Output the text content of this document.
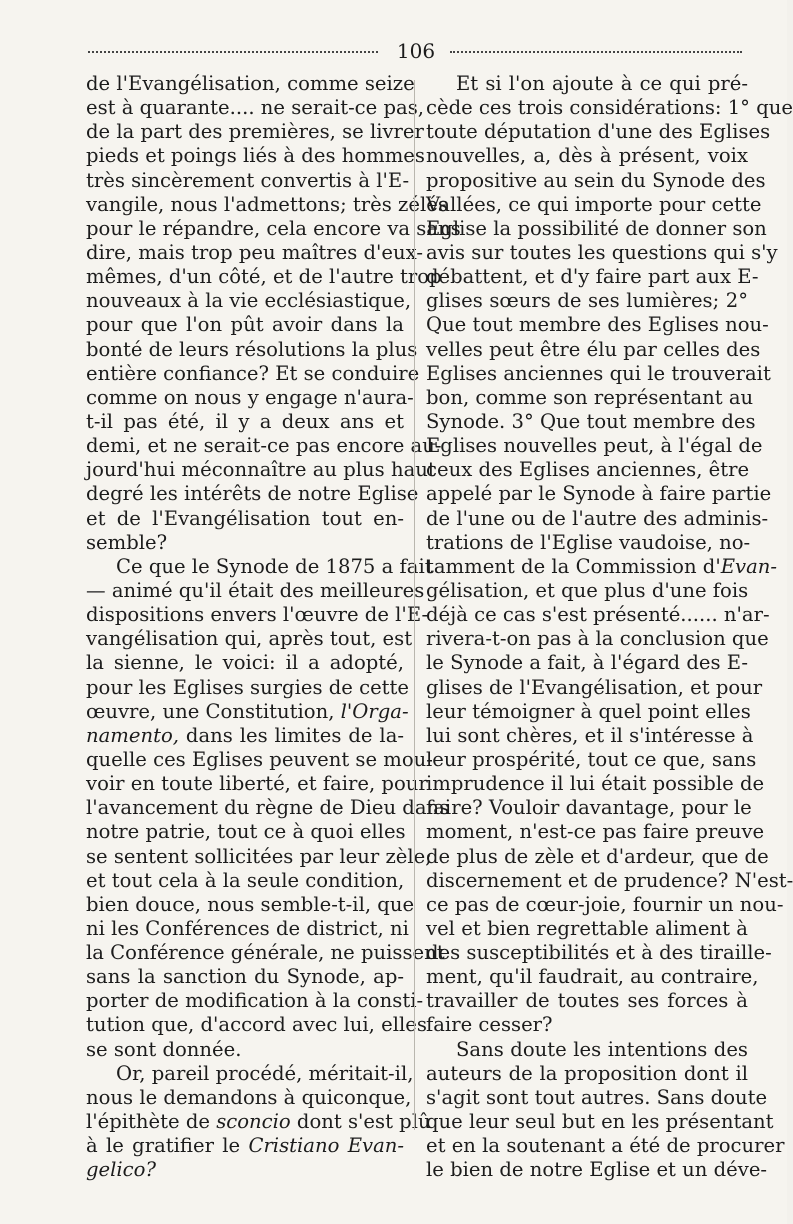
106
de l'Evangélisation, comme seize
est à quarante.... ne serait-ce pas,
de la part des premières, se livrer
pieds et poings liés à des hommes
très sincèrement convertis à l'E-
vangile, nous l'admettons; très zélés
pour le répandre, cela encore va sans
dire, mais trop peu maîtres d'eux-
mêmes, d'un côté, et de l'autre trop
nouveaux à la vie ecclésiastique,
pour que l'on pût avoir dans la
bonté de leurs résolutions la plus
entière confiance? Et se conduire
comme on nous y engage n'aura-
t-il pas été, il y a deux ans et
demi, et ne serait-ce pas encore au-
jourd'hui méconnaître au plus haut
degré les intérêts de notre Eglise
et de l'Evangélisation tout en-
semble?
Ce que le Synode de 1875 a fait
— animé qu'il était des meilleures
dispositions envers l'œuvre de l'E-
vangélisation qui, après tout, est
la sienne, le voici: il a adopté,
pour les Eglises surgies de cette
œuvre, une Constitution, l'Orga-
namento, dans les limites de la-
quelle ces Eglises peuvent se mou-
voir en toute liberté, et faire, pour
l'avancement du règne de Dieu dans
notre patrie, tout ce à quoi elles
se sentent sollicitées par leur zèle;
et tout cela à la seule condition,
bien douce, nous semble-t-il, que
ni les Conférences de district, ni
la Conférence générale, ne puissent
sans la sanction du Synode, ap-
porter de modification à la consti-
tution que, d'accord avec lui, elles
se sont donnée.
Or, pareil procédé, méritait-il,
nous le demandons à quiconque,
l'épithète de sconcio dont s'est plû
à le gratifier le Cristiano Evan-
gelico?
Et si l'on ajoute à ce qui pré-
cède ces trois considérations: 1° que
toute députation d'une des Eglises
nouvelles, a, dès à présent, voix
propositive au sein du Synode des
Vallées, ce qui importe pour cette
Eglise la possibilité de donner son
avis sur toutes les questions qui s'y
débattent, et d'y faire part aux E-
glises sœurs de ses lumières; 2°
Que tout membre des Eglises nou-
velles peut être élu par celles des
Eglises anciennes qui le trouverait
bon, comme son représentant au
Synode. 3° Que tout membre des
Eglises nouvelles peut, à l'égal de
ceux des Eglises anciennes, être
appelé par le Synode à faire partie
de l'une ou de l'autre des adminis-
trations de l'Eglise vaudoise, no-
tamment de la Commission d'Evan-
gélisation, et que plus d'une fois
déjà ce cas s'est présenté...... n'ar-
rivera-t-on pas à la conclusion que
le Synode a fait, à l'égard des E-
glises de l'Evangélisation, et pour
leur témoigner à quel point elles
lui sont chères, et il s'intéresse à
leur prospérité, tout ce que, sans
imprudence il lui était possible de
faire? Vouloir davantage, pour le
moment, n'est-ce pas faire preuve
de plus de zèle et d'ardeur, que de
discernement et de prudence? N'est-
ce pas de cœur-joie, fournir un nou-
vel et bien regrettable aliment à
des susceptibilités et à des tiraille-
ment, qu'il faudrait, au contraire,
travailler de toutes ses forces à
faire cesser?
Sans doute les intentions des
auteurs de la proposition dont il
s'agit sont tout autres. Sans doute
que leur seul but en les présentant
et en la soutenant a été de procurer
le bien de notre Eglise et un déve-
